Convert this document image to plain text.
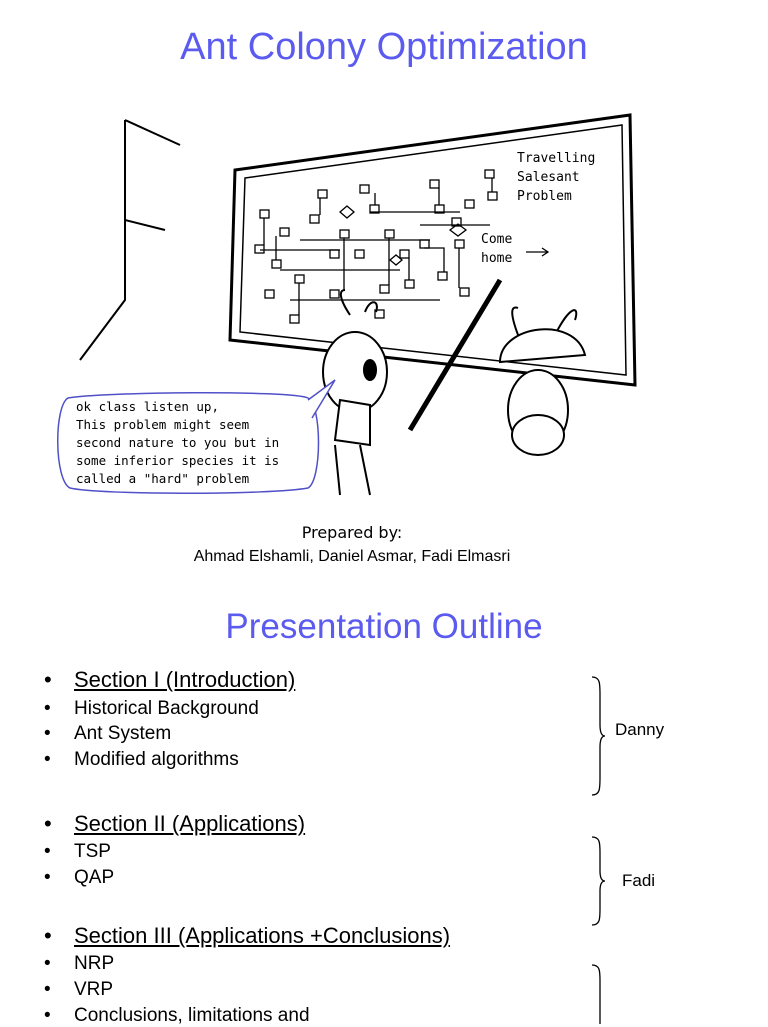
Ant Colony Optimization
Travelling
Salesant
Problem
Come
home
ok class listen up,
This problem might seem
second nature to you but in
some inferior species it is
called a "hard" problem
Prepared by:
Ahmad Elshamli, Daniel Asmar, Fadi Elmasri
Presentation Outline
Section I (Introduction)
Historical Background
Ant System
Modified algorithms
Danny
Section II (Applications)
TSP
QAP	Fadi
Section III (Applications +Conclusions)
NRP
VRP
Conclusions, limitations and
